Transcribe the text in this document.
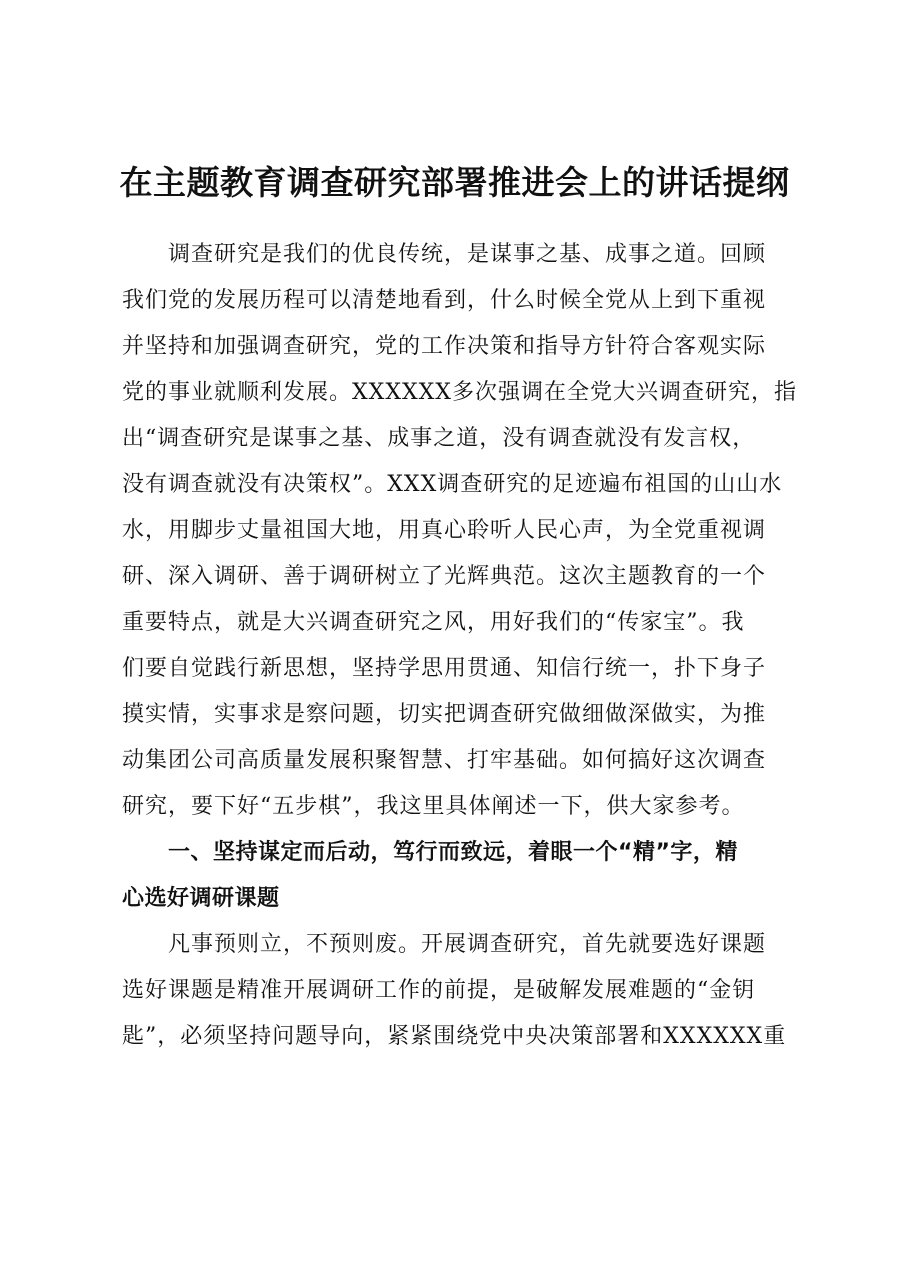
在主题教育调查研究部署推进会上的讲话提纲
调查研究是我们的优良传统，是谋事之基、成事之道。回顾
我们党的发展历程可以清楚地看到，什么时候全党从上到下重视
并坚持和加强调查研究，党的工作决策和指导方针符合客观实际
党的事业就顺利发展。XXXXXX多次强调在全党大兴调查研究，指
出“调查研究是谋事之基、成事之道，没有调查就没有发言权，
没有调查就没有决策权”。XXX调查研究的足迹遍布祖国的山山水
水，用脚步丈量祖国大地，用真心聆听人民心声，为全党重视调
研、深入调研、善于调研树立了光辉典范。这次主题教育的一个
重要特点，就是大兴调查研究之风，用好我们的“传家宝”。我
们要自觉践行新思想，坚持学思用贯通、知信行统一，扑下身子
摸实情，实事求是察问题，切实把调查研究做细做深做实，为推
动集团公司高质量发展积聚智慧、打牢基础。如何搞好这次调查
研究，要下好“五步棋”，我这里具体阐述一下，供大家参考。
一、坚持谋定而后动，笃行而致远，着眼一个“精”字，精
心选好调研课题
凡事预则立，不预则废。开展调查研究，首先就要选好课题
选好课题是精准开展调研工作的前提，是破解发展难题的“金钥
匙”，必须坚持问题导向，紧紧围绕党中央决策部署和XXXXXX重
